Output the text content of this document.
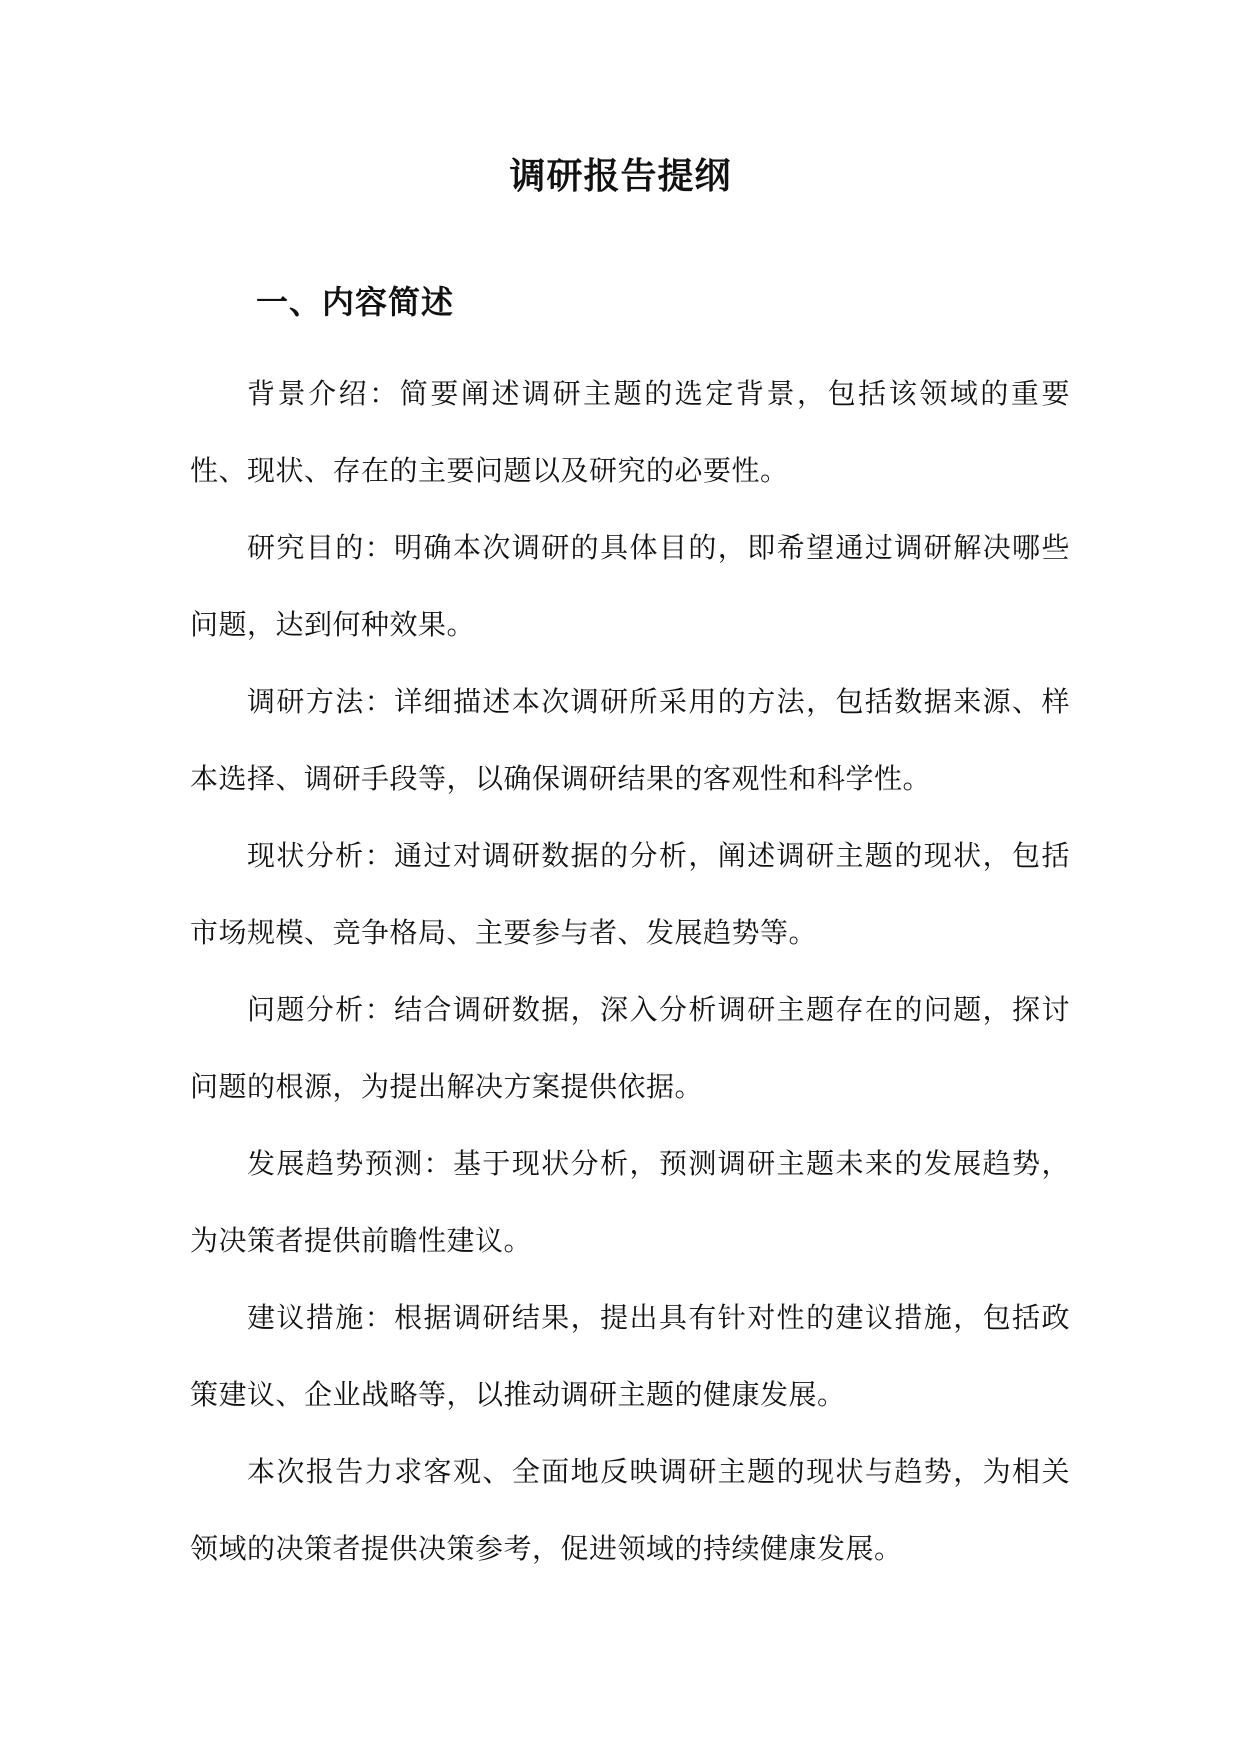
调研报告提纲
一、内容简述

背景介绍：简要阐述调研主题的选定背景，包括该领域的重要性、现状、存在的主要问题以及研究的必要性。

研究目的：明确本次调研的具体目的，即希望通过调研解决哪些问题，达到何种效果。

调研方法：详细描述本次调研所采用的方法，包括数据来源、样本选择、调研手段等，以确保调研结果的客观性和科学性。

现状分析：通过对调研数据的分析，阐述调研主题的现状，包括市场规模、竞争格局、主要参与者、发展趋势等。

问题分析：结合调研数据，深入分析调研主题存在的问题，探讨问题的根源，为提出解决方案提供依据。

发展趋势预测：基于现状分析，预测调研主题未来的发展趋势，为决策者提供前瞻性建议。

建议措施：根据调研结果，提出具有针对性的建议措施，包括政策建议、企业战略等，以推动调研主题的健康发展。

本次报告力求客观、全面地反映调研主题的现状与趋势，为相关领域的决策者提供决策参考，促进领域的持续健康发展。
